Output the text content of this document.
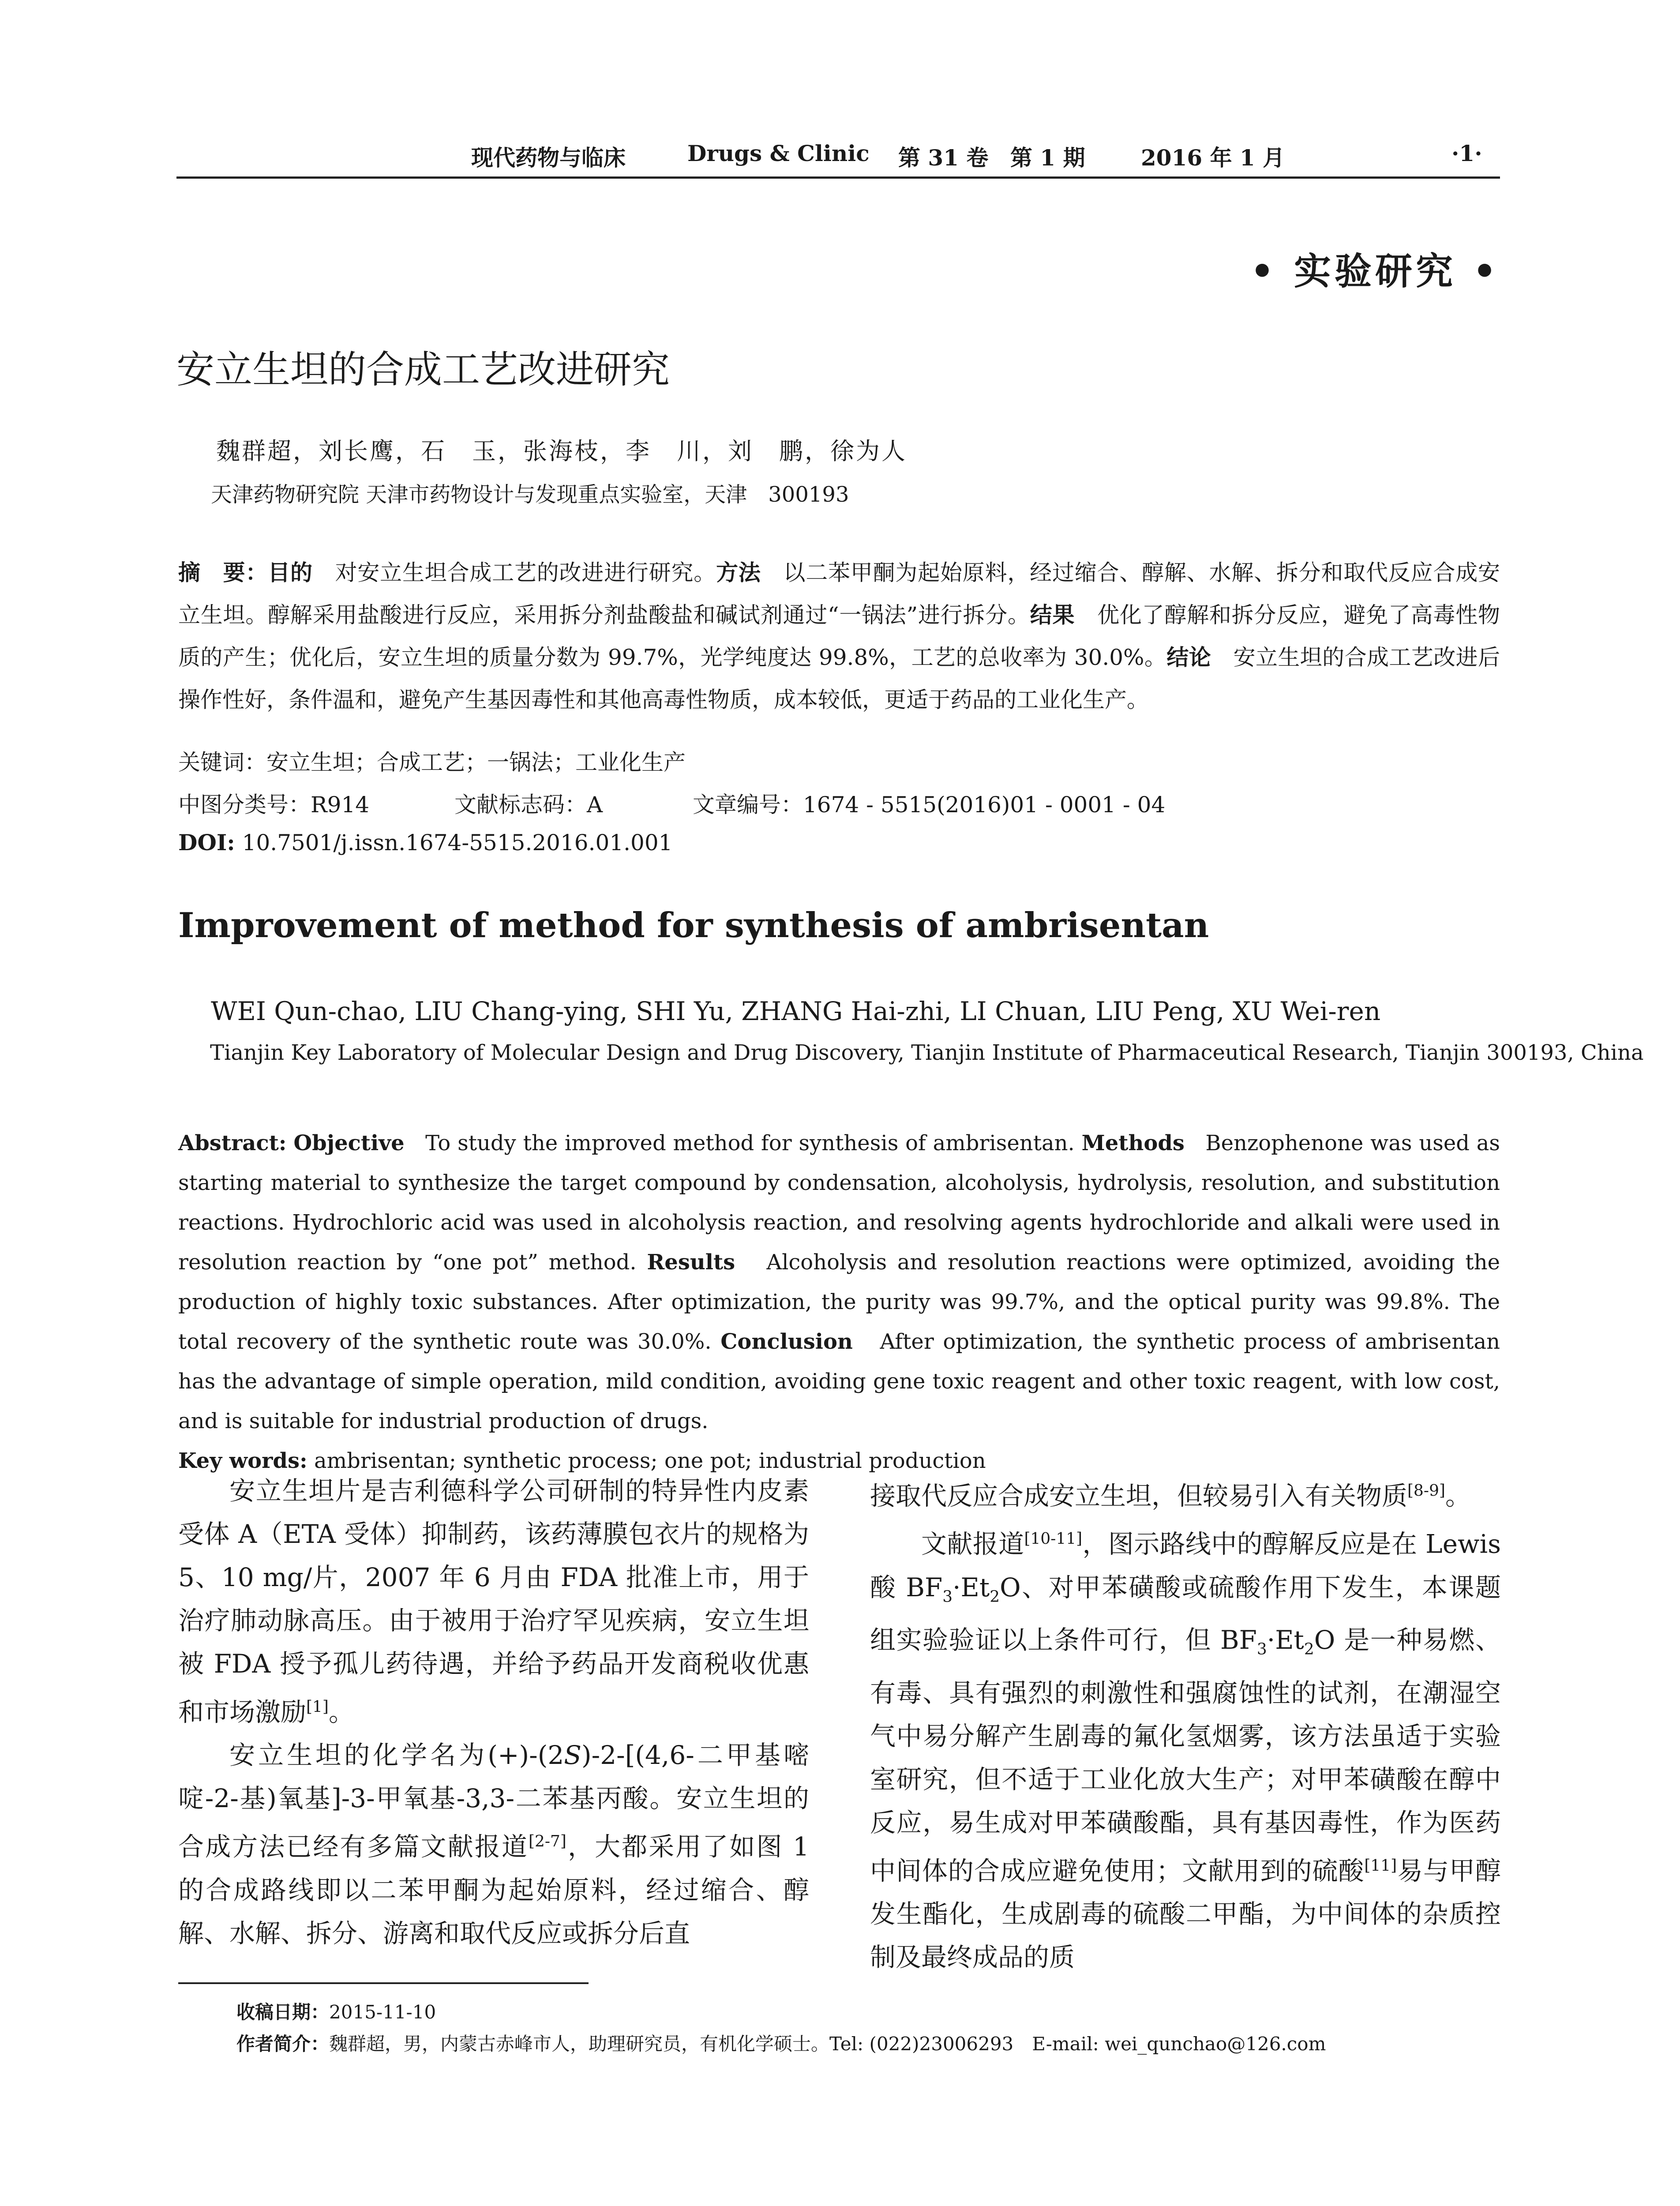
现代药物与临床	Drugs & Clinic 第 31 卷 第 1 期	2016 年 1 月	·1·
• 实验研究 •
安立生坦的合成工艺改进研究
魏群超，刘长鹰，石　玉，张海枝，李　川，刘　鹏，徐为人
天津药物研究院 天津市药物设计与发现重点实验室，天津　300193
摘　要：目的　 对安立生坦合成工艺的改进进行研究。方法　 以二苯甲酮为起始原料，经过缩合、醇解、水解、拆分和取代反应合成安立生坦。醇解采用盐酸进行反应，采用拆分剂盐酸盐和碱试剂通过“一锅法”进行拆分。结果　 优化了醇解和拆分反应，避免了高毒性物质的产生；优化后，安立生坦的质量分数为 99.7%，光学纯度达 99.8%，工艺的总收率为 30.0%。结论　 安立生坦的合成工艺改进后操作性好，条件温和，避免产生基因毒性和其他高毒性物质，成本较低，更适于药品的工业化生产。
关键词：安立生坦；合成工艺；一锅法；工业化生产
中图分类号：R914	文献标志码：A	文章编号：1674 - 5515(2016)01 - 0001 - 04
DOI: 10.7501/j.issn.1674-5515.2016.01.001
Improvement of method for synthesis of ambrisentan
WEI Qun-chao, LIU Chang-ying, SHI Yu, ZHANG Hai-zhi, LI Chuan, LIU Peng, XU Wei-ren
Tianjin Key Laboratory of Molecular Design and Drug Discovery, Tianjin Institute of Pharmaceutical Research, Tianjin 300193, China

Abstract: Objective To study the improved method for synthesis of ambrisentan. Methods Benzophenone was used as starting material to synthesize the target compound by condensation, alcoholysis, hydrolysis, resolution, and substitution reactions. Hydrochloric acid was used in alcoholysis reaction, and resolving agents hydrochloride and alkali were used in resolution reaction by “one pot” method. Results Alcoholysis and resolution reactions were optimized, avoiding the production of highly toxic substances. After optimization, the purity was 99.7%, and the optical purity was 99.8%. The total recovery of the synthetic route was 30.0%. Conclusion After optimization, the synthetic process of ambrisentan has the advantage of simple operation, mild condition, avoiding gene toxic reagent and other toxic reagent, with low cost, and is suitable for industrial production of drugs.

Key words: ambrisentan; synthetic process; one pot; industrial production

安立生坦片是吉利德科学公司研制的特异性内皮素受体 A（ETA 受体）抑制药，该药薄膜包衣片的规格为 5、10 mg/片，2007 年 6 月由 FDA 批准上市，用于治疗肺动脉高压。由于被用于治疗罕见疾病，安立生坦被 FDA 授予孤儿药待遇，并给予药品开发商税收优惠和市场激励[1]。

安立生坦的化学名为(+)-(2S)-2-[(4,6-二甲基嘧啶-2-基)氧基]-3-甲氧基-3,3-二苯基丙酸。安立生坦的合成方法已经有多篇文献报道[2-7]，大都采用了如图 1 的合成路线即以二苯甲酮为起始原料，经过缩合、醇解、水解、拆分、游离和取代反应或拆分后直

接取代反应合成安立生坦，但较易引入有关物质[8-9]。

文献报道[10-11]，图示路线中的醇解反应是在 Lewis 酸 $BF_3\cdot Et_2O$、对甲苯磺酸或硫酸作用下发生，本课题组实验验证以上条件可行，但 $BF_3\cdot Et_2O$ 是一种易燃、有毒、具有强烈的刺激性和强腐蚀性的试剂，在潮湿空气中易分解产生剧毒的氟化氢烟雾，该方法虽适于实验室研究，但不适于工业化放大生产；对甲苯磺酸在醇中反应，易生成对甲苯磺酸酯，具有基因毒性，作为医药中间体的合成应避免使用；文献用到的硫酸[11]易与甲醇发生酯化，生成剧毒的硫酸二甲酯，为中间体的杂质控制及最终成品的质

收稿日期：2015-11-10
作者简介：魏群超，男，内蒙古赤峰市人，助理研究员，有机化学硕士。Tel: (022)23006293　E-mail: wei_qunchao@126.com
